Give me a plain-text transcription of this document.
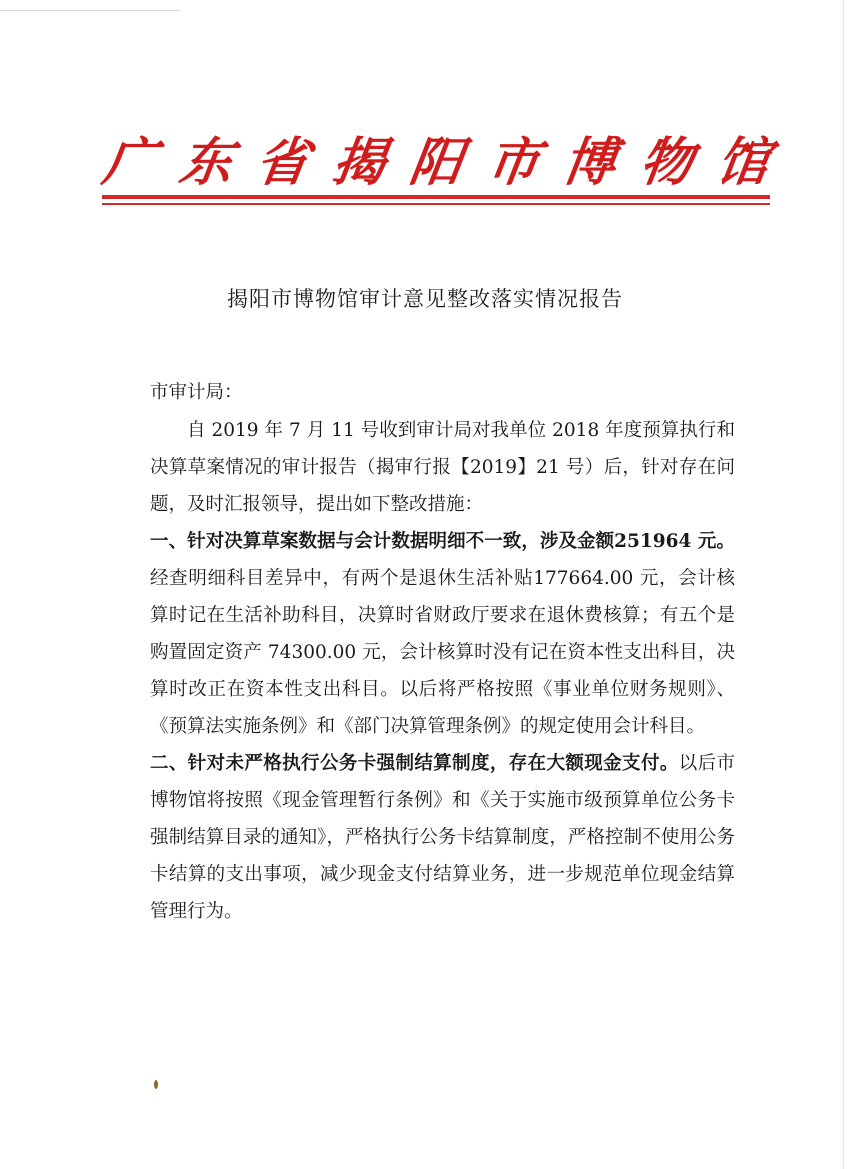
广 东 省 揭 阳 市 博 物 馆
揭阳市博物馆审计意见整改落实情况报告
市审计局：

自 2019 年 7 月 11 号收到审计局对我单位 2018 年度预算执行和决算草案情况的审计报告（揭审行报【2019】21 号）后，针对存在问题，及时汇报领导，提出如下整改措施：

一、针对决算草案数据与会计数据明细不一致，涉及金额251964 元。经查明细科目差异中，有两个是退休生活补贴177664.00 元，会计核算时记在生活补助科目，决算时省财政厅要求在退休费核算；有五个是购置固定资产 74300.00 元，会计核算时没有记在资本性支出科目，决算时改正在资本性支出科目。以后将严格按照《事业单位财务规则》、《预算法实施条例》和《部门决算管理条例》的规定使用会计科目。

二、针对未严格执行公务卡强制结算制度，存在大额现金支付。以后市博物馆将按照《现金管理暂行条例》和《关于实施市级预算单位公务卡强制结算目录的通知》，严格执行公务卡结算制度，严格控制不使用公务卡结算的支出事项，减少现金支付结算业务，进一步规范单位现金结算管理行为。
